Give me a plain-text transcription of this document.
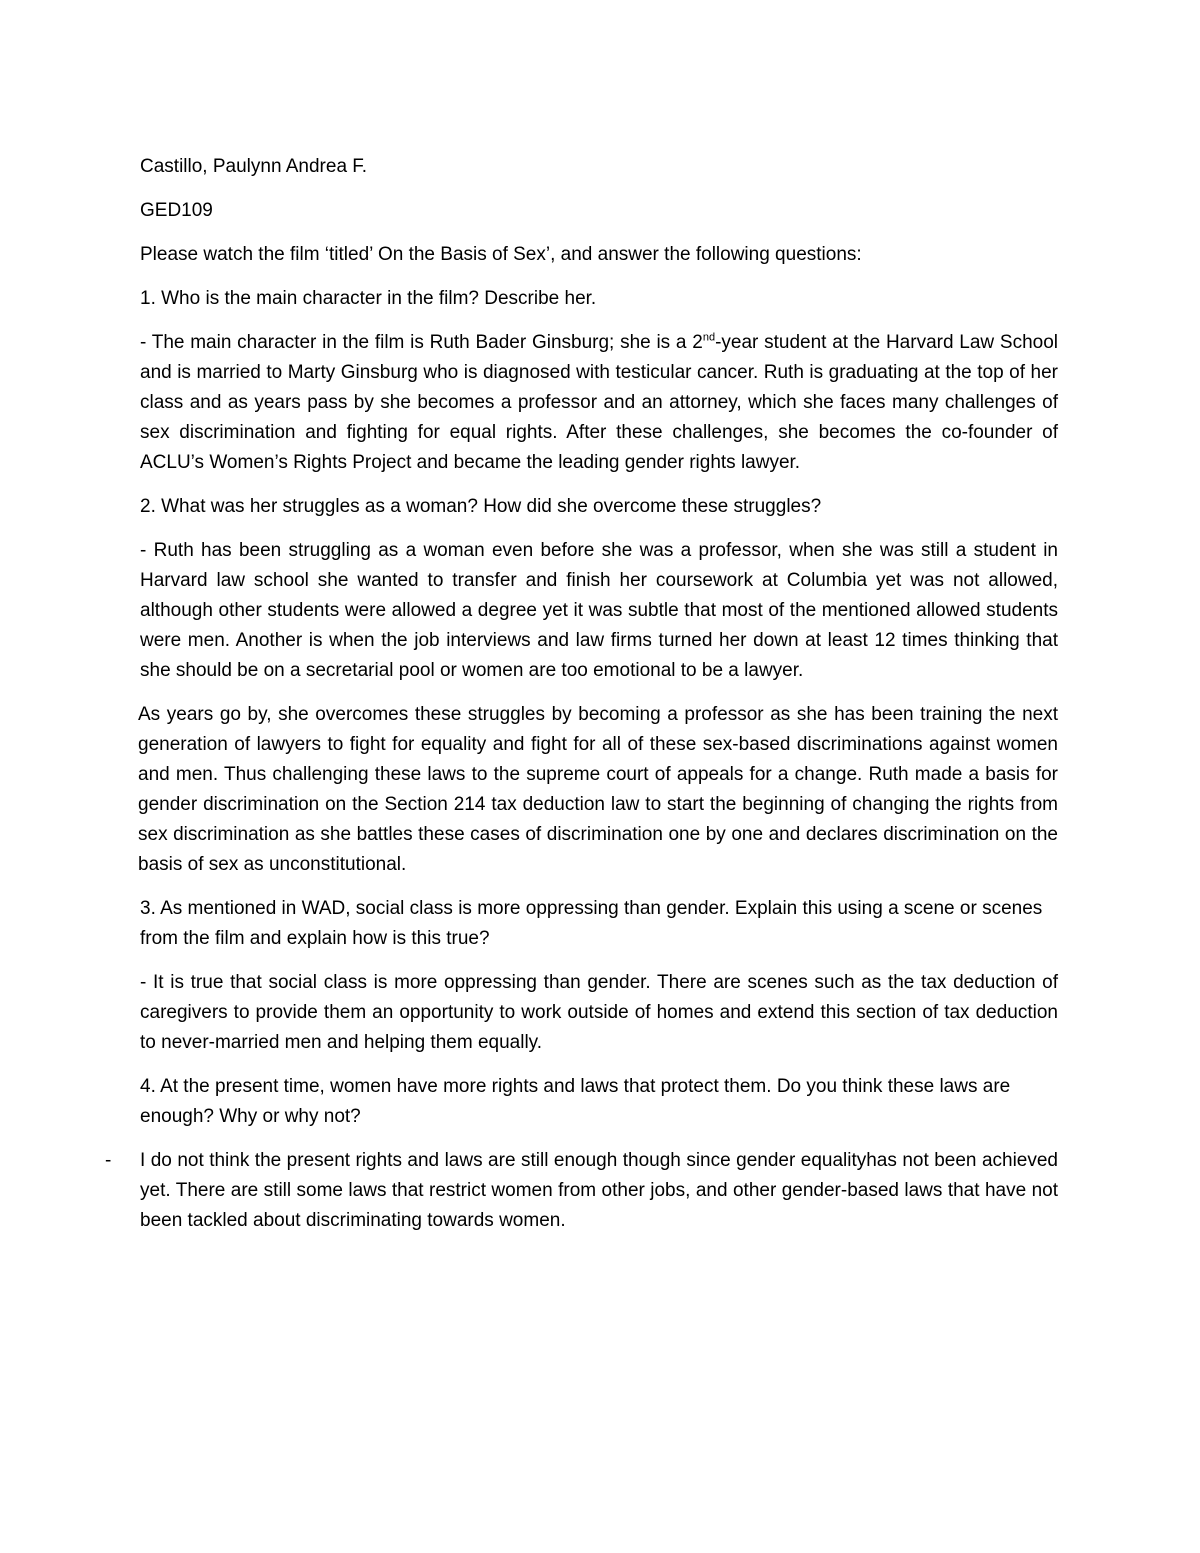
Castillo, Paulynn Andrea F.

GED109

Please watch the film ‘titled’ On the Basis of Sex’, and answer the following questions:

1. Who is the main character in the film? Describe her.

- The main character in the film is Ruth Bader Ginsburg; she is a 2nd-year student at the Harvard Law School and is married to Marty Ginsburg who is diagnosed with testicular cancer. Ruth is graduating at the top of her class and as years pass by she becomes a professor and an attorney, which she faces many challenges of sex discrimination and fighting for equal rights. After these challenges, she becomes the co-founder of ACLU’s Women’s Rights Project and became the leading gender rights lawyer.

2. What was her struggles as a woman? How did she overcome these struggles?

- Ruth has been struggling as a woman even before she was a professor, when she was still a student in Harvard law school she wanted to transfer and finish her coursework at Columbia yet was not allowed, although other students were allowed a degree yet it was subtle that most of the mentioned allowed students were men. Another is when the job interviews and law firms turned her down at least 12 times thinking that she should be on a secretarial pool or women are too emotional to be a lawyer.

As years go by, she overcomes these struggles by becoming a professor as she has been training the next generation of lawyers to fight for equality and fight for all of these sex-based discriminations against women and men. Thus challenging these laws to the supreme court of appeals for a change. Ruth made a basis for gender discrimination on the Section 214 tax deduction law to start the beginning of changing the rights from sex discrimination as she battles these cases of discrimination one by one and declares discrimination on the basis of sex as unconstitutional.

3. As mentioned in WAD, social class is more oppressing than gender. Explain this using a scene or scenes from the film and explain how is this true?

- It is true that social class is more oppressing than gender. There are scenes such as the tax deduction of caregivers to provide them an opportunity to work outside of homes and extend this section of tax deduction to never-married men and helping them equally.

4. At the present time, women have more rights and laws that protect them. Do you think these laws are enough? Why or why not?

- I do not think the present rights and laws are still enough though since gender equalityhas not been achieved yet. There are still some laws that restrict women from other jobs, and other gender-based laws that have not been tackled about discriminating towards women.
